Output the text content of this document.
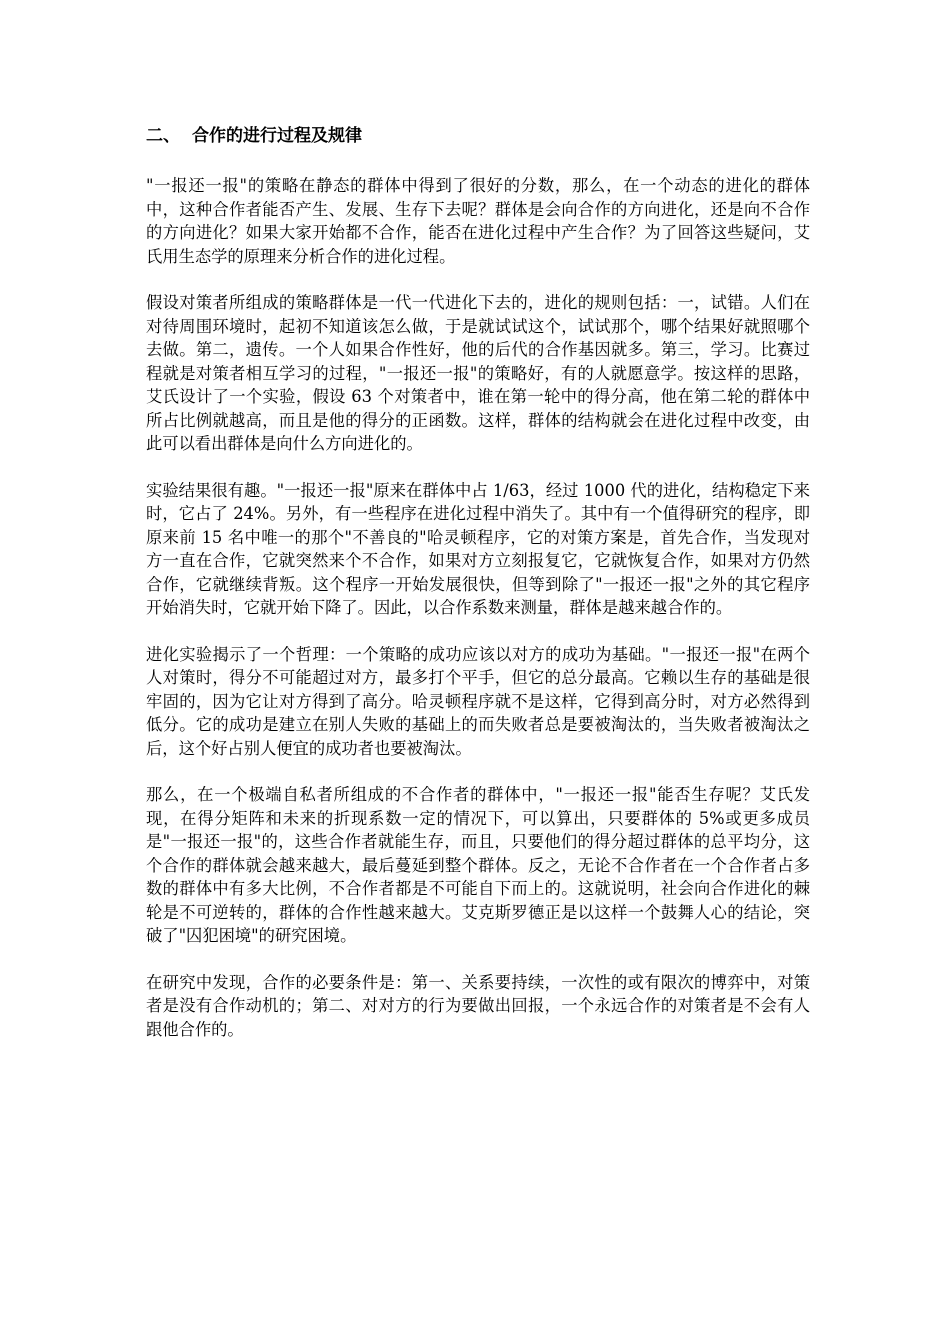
二、 合作的进行过程及规律

"一报还一报"的策略在静态的群体中得到了很好的分数，那么，在一个动态的进化的群体中，这种合作者能否产生、发展、生存下去呢？群体是会向合作的方向进化，还是向不合作的方向进化？如果大家开始都不合作，能否在进化过程中产生合作？为了回答这些疑问，艾氏用生态学的原理来分析合作的进化过程。

假设对策者所组成的策略群体是一代一代进化下去的，进化的规则包括：一，试错。人们在对待周围环境时，起初不知道该怎么做，于是就试试这个，试试那个，哪个结果好就照哪个去做。第二，遗传。一个人如果合作性好，他的后代的合作基因就多。第三，学习。比赛过程就是对策者相互学习的过程，"一报还一报"的策略好，有的人就愿意学。按这样的思路，艾氏设计了一个实验，假设 63 个对策者中，谁在第一轮中的得分高，他在第二轮的群体中所占比例就越高，而且是他的得分的正函数。这样，群体的结构就会在进化过程中改变，由此可以看出群体是向什么方向进化的。

实验结果很有趣。"一报还一报"原来在群体中占 1/63，经过 1000 代的进化，结构稳定下来时，它占了 24%。另外，有一些程序在进化过程中消失了。其中有一个值得研究的程序，即原来前 15 名中唯一的那个"不善良的"哈灵顿程序，它的对策方案是，首先合作，当发现对方一直在合作，它就突然来个不合作，如果对方立刻报复它，它就恢复合作，如果对方仍然合作，它就继续背叛。这个程序一开始发展很快，但等到除了"一报还一报"之外的其它程序开始消失时，它就开始下降了。因此，以合作系数来测量，群体是越来越合作的。

进化实验揭示了一个哲理：一个策略的成功应该以对方的成功为基础。"一报还一报"在两个人对策时，得分不可能超过对方，最多打个平手，但它的总分最高。它赖以生存的基础是很牢固的，因为它让对方得到了高分。哈灵顿程序就不是这样，它得到高分时，对方必然得到低分。它的成功是建立在别人失败的基础上的而失败者总是要被淘汰的，当失败者被淘汰之后，这个好占别人便宜的成功者也要被淘汰。

那么，在一个极端自私者所组成的不合作者的群体中，"一报还一报"能否生存呢？艾氏发现，在得分矩阵和未来的折现系数一定的情况下，可以算出，只要群体的 5%或更多成员是"一报还一报"的，这些合作者就能生存，而且，只要他们的得分超过群体的总平均分，这个合作的群体就会越来越大，最后蔓延到整个群体。反之，无论不合作者在一个合作者占多数的群体中有多大比例，不合作者都是不可能自下而上的。这就说明，社会向合作进化的棘轮是不可逆转的，群体的合作性越来越大。艾克斯罗德正是以这样一个鼓舞人心的结论，突破了"囚犯困境"的研究困境。

在研究中发现，合作的必要条件是：第一、关系要持续，一次性的或有限次的博弈中，对策者是没有合作动机的；第二、对对方的行为要做出回报，一个永远合作的对策者是不会有人跟他合作的。
